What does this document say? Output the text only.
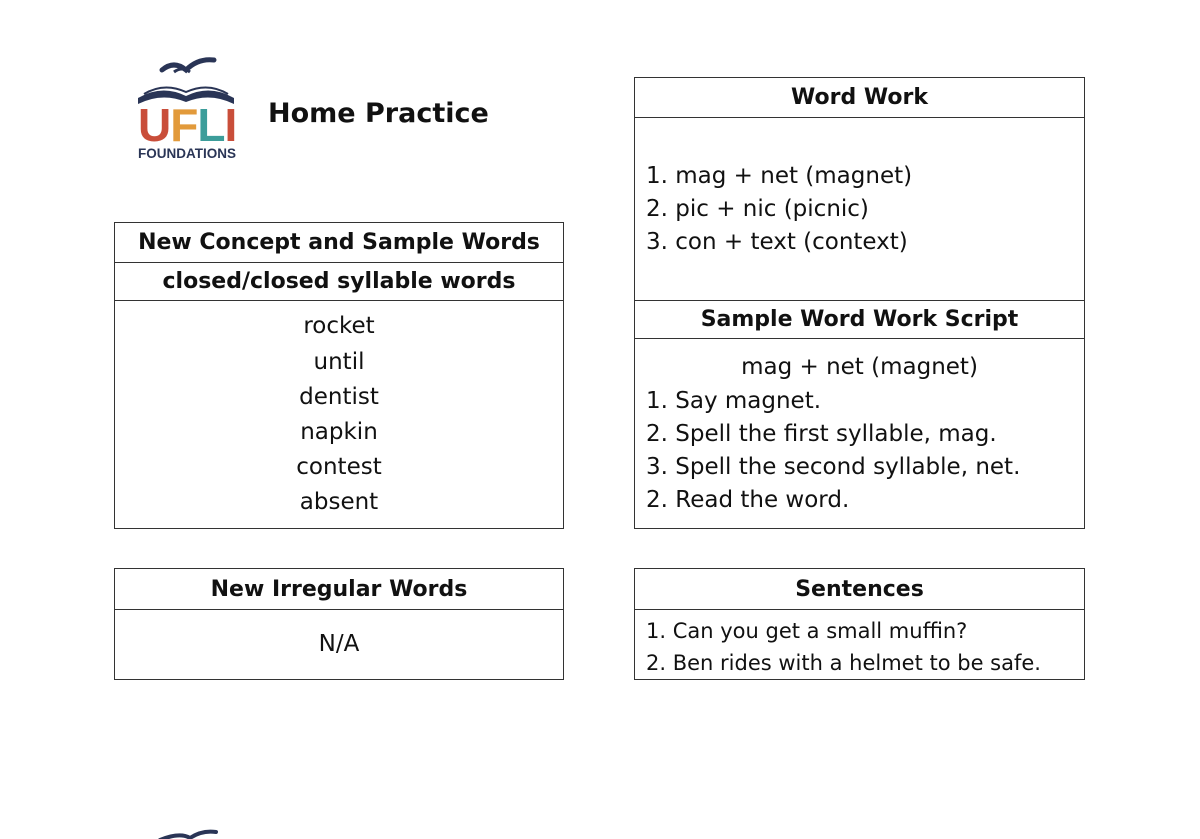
UFLI
FOUNDATIONS
Home Practice
New Concept and Sample Words
closed/closed syllable words
rocket
until
dentist
napkin
contest
absent
New Irregular Words
N/A
Word Work
1. mag + net (magnet)
2. pic + nic (picnic)
3. con + text (context)
Sample Word Work Script
mag + net (magnet)
1. Say magnet.
2. Spell the first syllable, mag.
3. Spell the second syllable, net.
2. Read the word.
Sentences
1. Can you get a small muffin?
2. Ben rides with a helmet to be safe.
